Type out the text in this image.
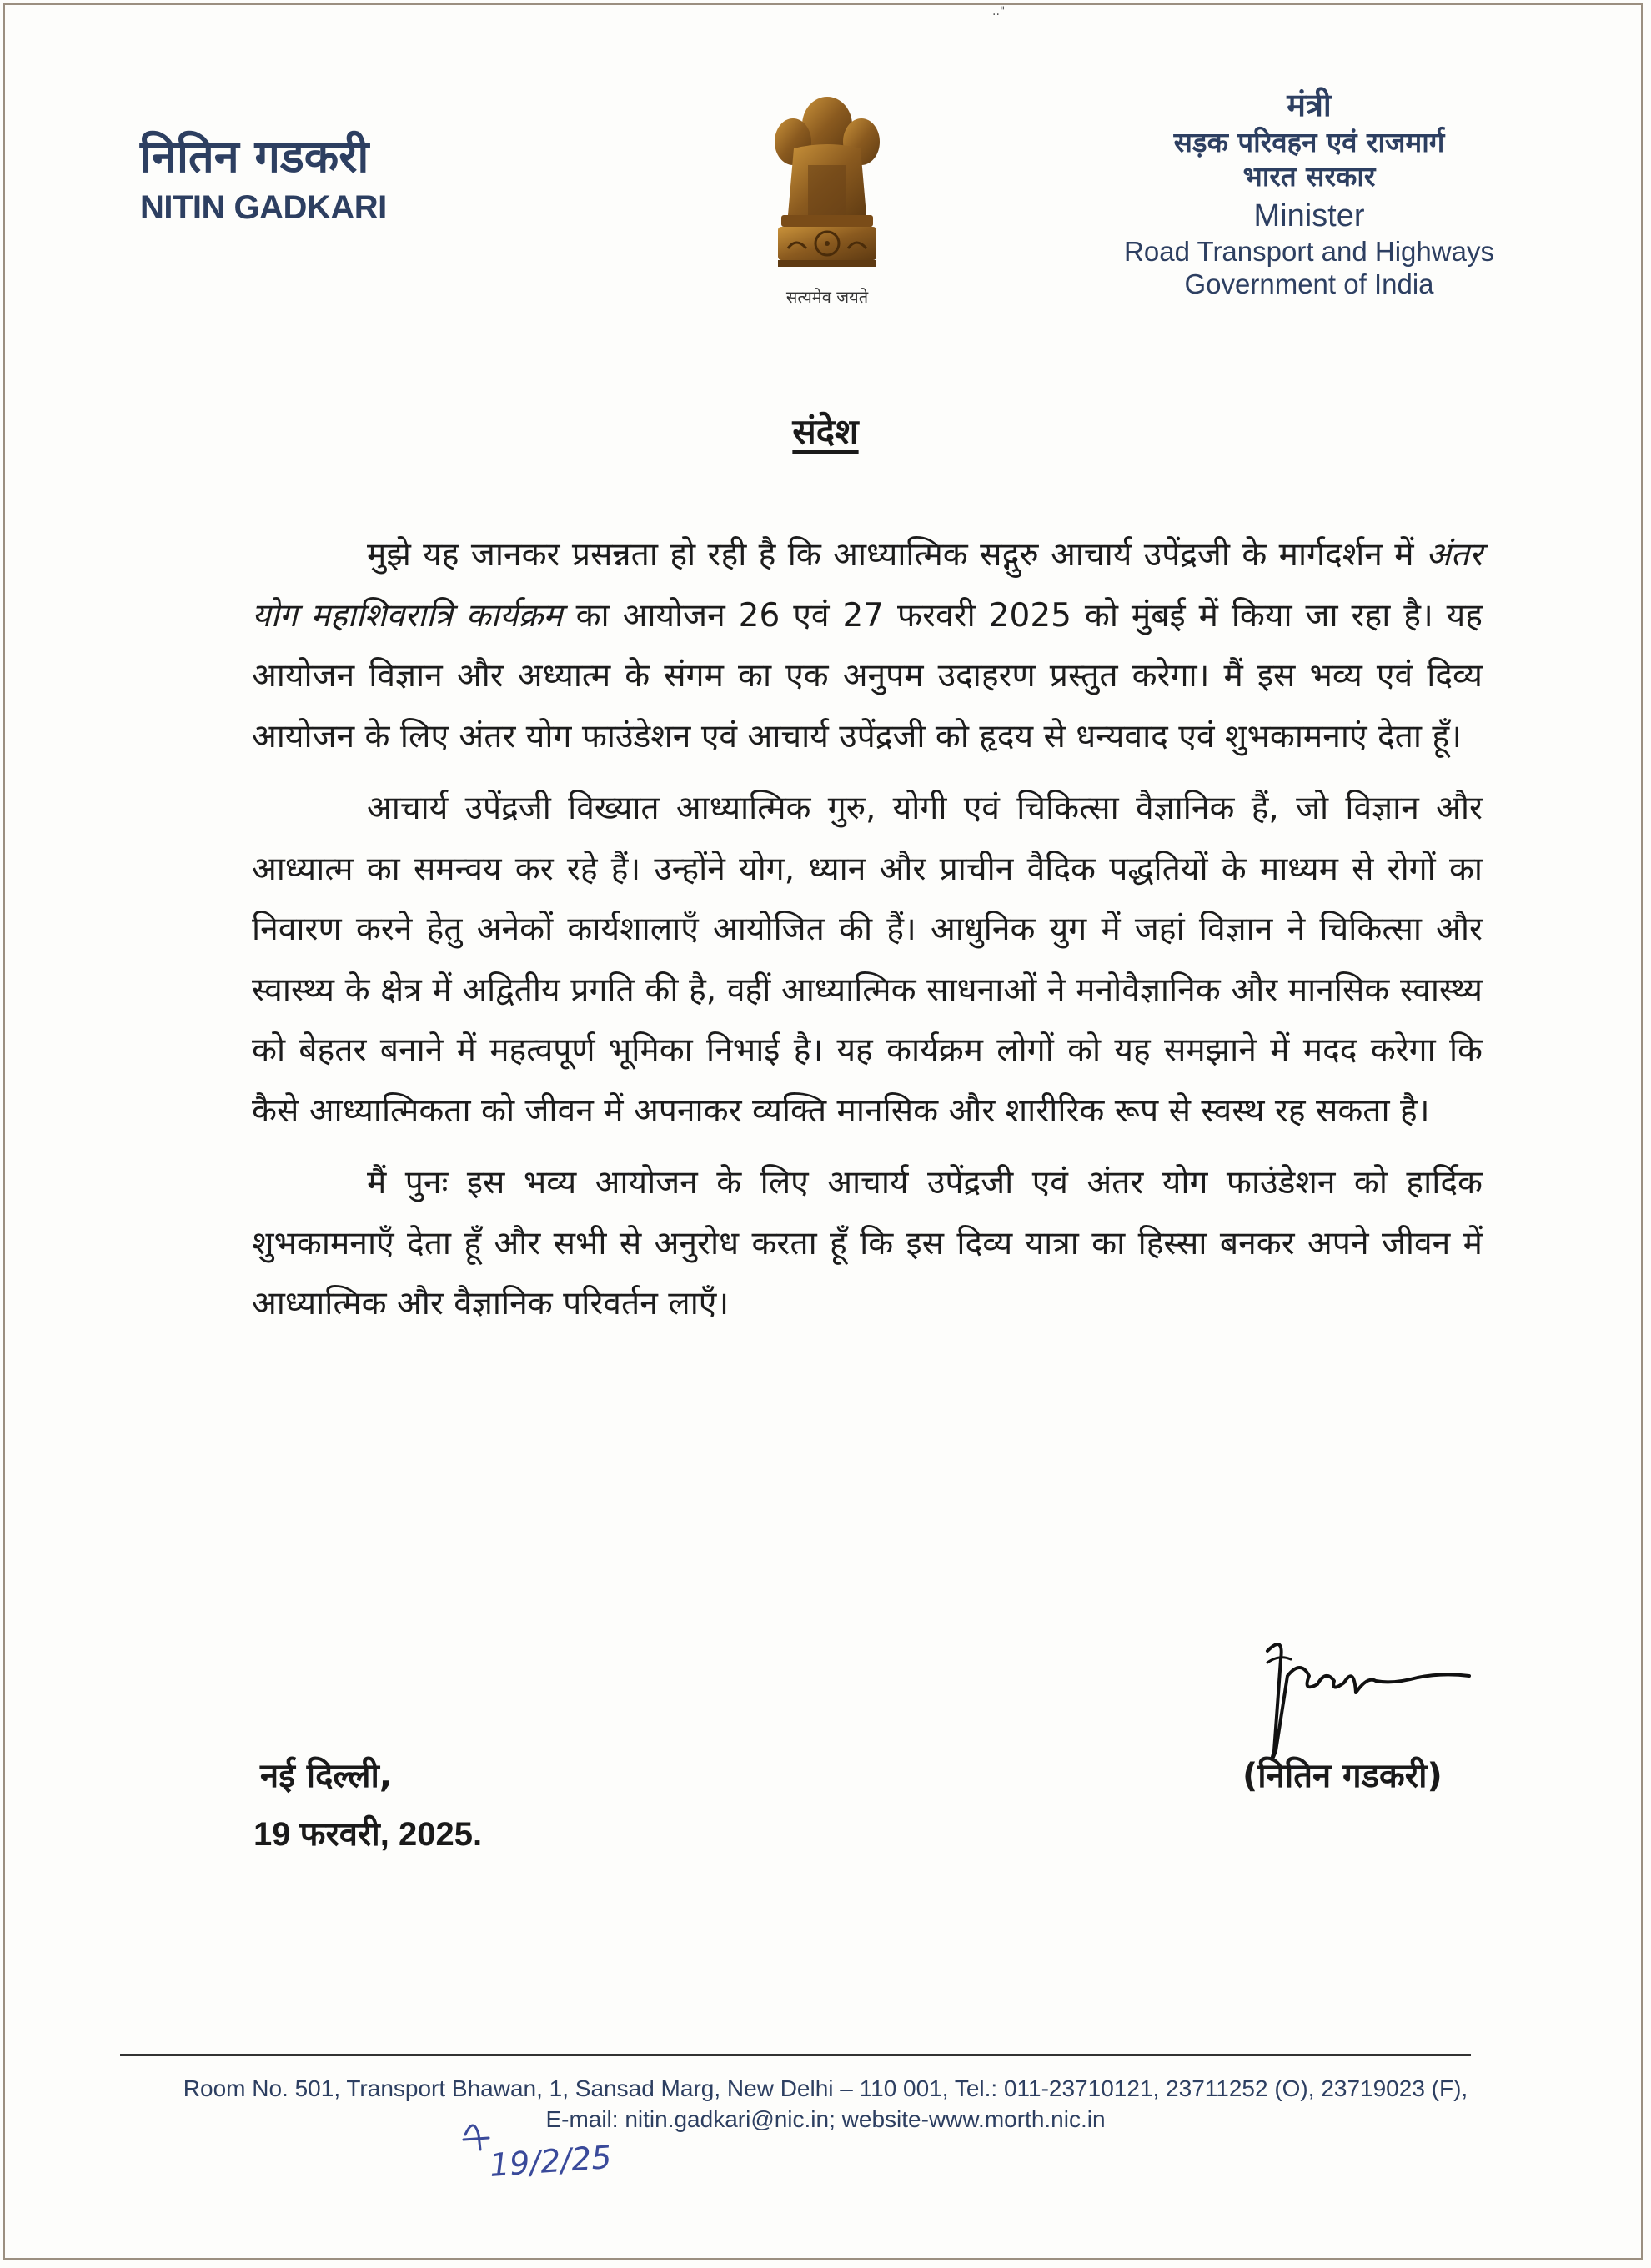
.."
नितिन गडकरी
NITIN GADKARI
सत्यमेव जयते
मंत्री
सड़क परिवहन एवं राजमार्ग
भारत सरकार
Minister
Road Transport and Highways
Government of India
संदेश

मुझे यह जानकर प्रसन्नता हो रही है कि आध्यात्मिक सद्गुरु आचार्य उपेंद्रजी के मार्गदर्शन में अंतर योग महाशिवरात्रि कार्यक्रम का आयोजन 26 एवं 27 फरवरी 2025 को मुंबई में किया जा रहा है। यह आयोजन विज्ञान और अध्यात्म के संगम का एक अनुपम उदाहरण प्रस्तुत करेगा। मैं इस भव्य एवं दिव्य आयोजन के लिए अंतर योग फाउंडेशन एवं आचार्य उपेंद्रजी को हृदय से धन्यवाद एवं शुभकामनाएं देता हूँ।

आचार्य उपेंद्रजी विख्यात आध्यात्मिक गुरु, योगी एवं चिकित्सा वैज्ञानिक हैं, जो विज्ञान और आध्यात्म का समन्वय कर रहे हैं। उन्होंने योग, ध्यान और प्राचीन वैदिक पद्धतियों के माध्यम से रोगों का निवारण करने हेतु अनेकों कार्यशालाएँ आयोजित की हैं। आधुनिक युग में जहां विज्ञान ने चिकित्सा और स्वास्थ्य के क्षेत्र में अद्वितीय प्रगति की है, वहीं आध्यात्मिक साधनाओं ने मनोवैज्ञानिक और मानसिक स्वास्थ्य को बेहतर बनाने में महत्वपूर्ण भूमिका निभाई है। यह कार्यक्रम लोगों को यह समझाने में मदद करेगा कि कैसे आध्यात्मिकता को जीवन में अपनाकर व्यक्ति मानसिक और शारीरिक रूप से स्वस्थ रह सकता है।

मैं पुनः इस भव्य आयोजन के लिए आचार्य उपेंद्रजी एवं अंतर योग फाउंडेशन को हार्दिक शुभकामनाएँ देता हूँ और सभी से अनुरोध करता हूँ कि इस दिव्य यात्रा का हिस्सा बनकर अपने जीवन में आध्यात्मिक और वैज्ञानिक परिवर्तन लाएँ।

(नितिन गडकरी)
नई दिल्ली,
19 फरवरी, 2025.
Room No. 501, Transport Bhawan, 1, Sansad Marg, New Delhi – 110 001, Tel.: 011-23710121, 23711252 (O), 23719023 (F),
E-mail: nitin.gadkari@nic.in; website-www.morth.nic.in
19/2/25
